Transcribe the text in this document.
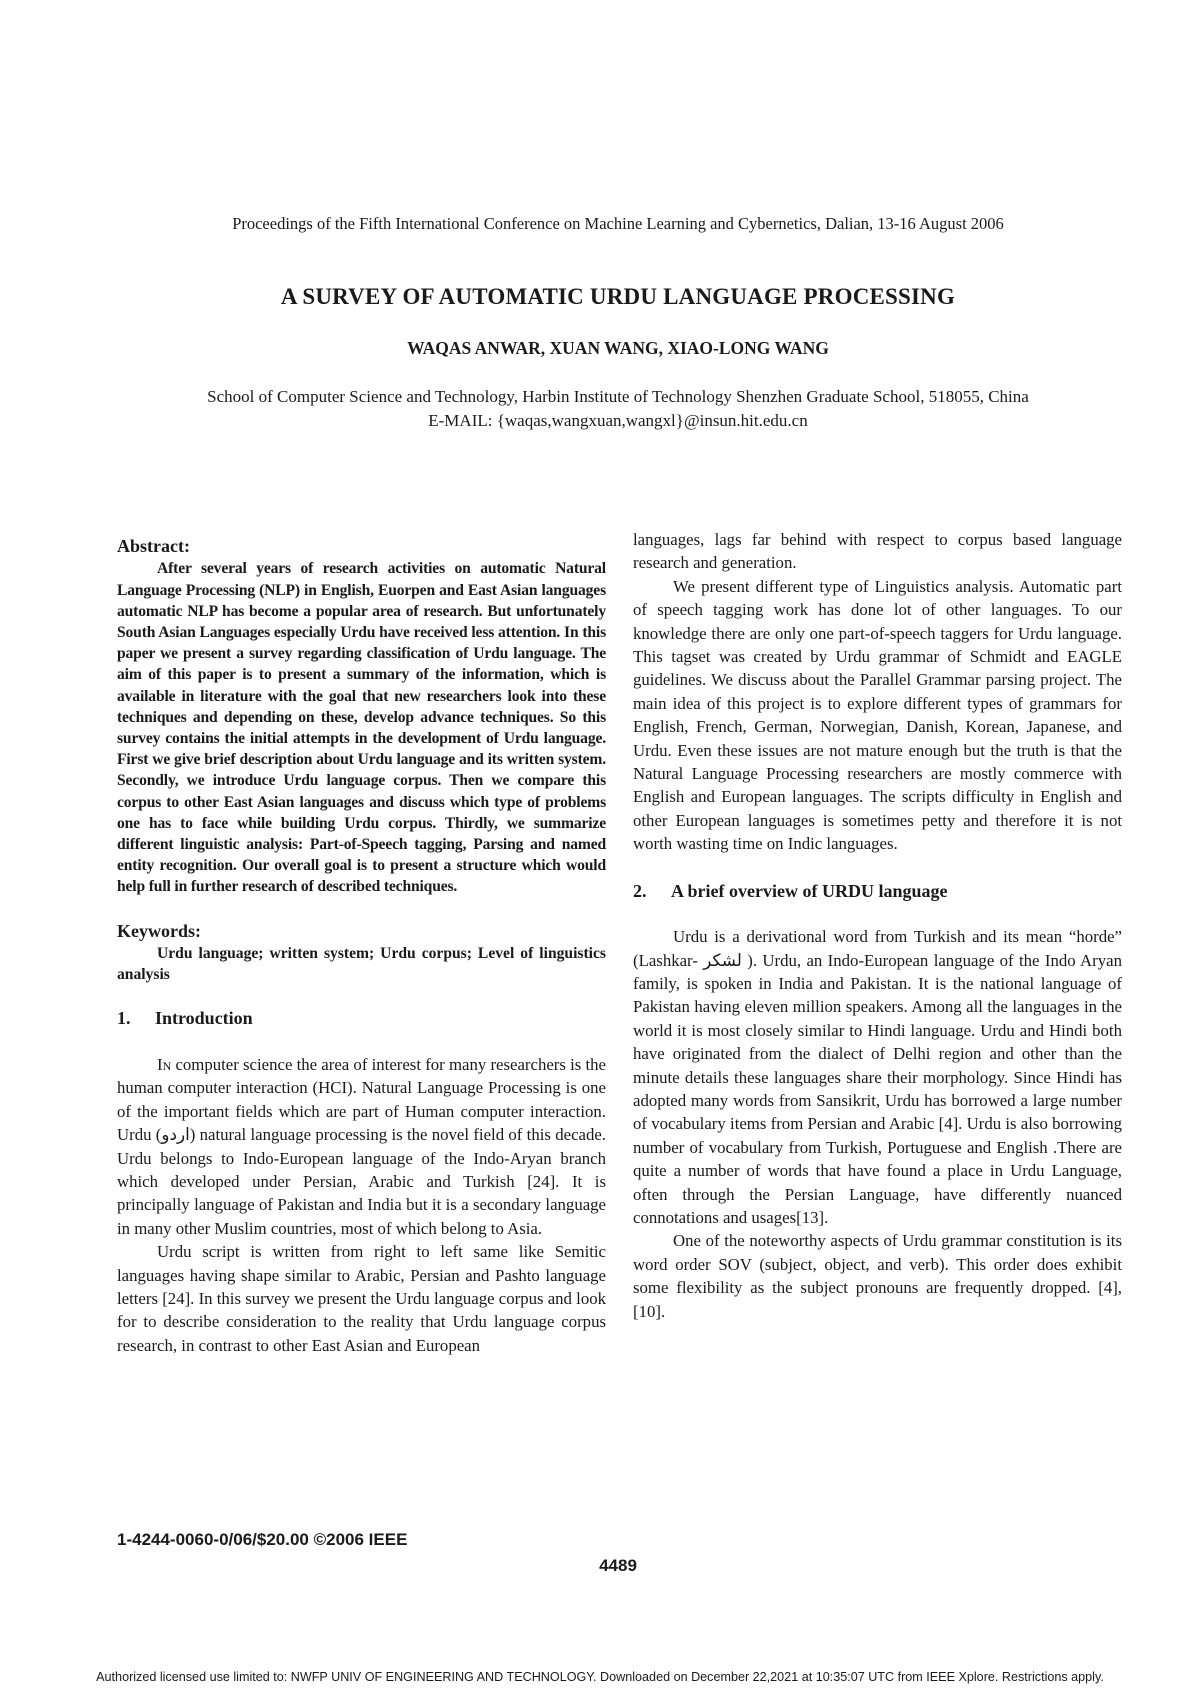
Proceedings of the Fifth International Conference on Machine Learning and Cybernetics, Dalian, 13-16 August 2006
A SURVEY OF AUTOMATIC URDU LANGUAGE PROCESSING
WAQAS ANWAR, XUAN WANG, XIAO-LONG WANG
School of Computer Science and Technology, Harbin Institute of Technology Shenzhen Graduate School, 518055, China
E-MAIL: {waqas,wangxuan,wangxl}@insun.hit.edu.cn
Abstract:

After several years of research activities on automatic Natural Language Processing (NLP) in English, Euorpen and East Asian languages automatic NLP has become a popular area of research. But unfortunately South Asian Languages especially Urdu have received less attention. In this paper we present a survey regarding classification of Urdu language. The aim of this paper is to present a summary of the information, which is available in literature with the goal that new researchers look into these techniques and depending on these, develop advance techniques. So this survey contains the initial attempts in the development of Urdu language. First we give brief description about Urdu language and its written system. Secondly, we introduce Urdu language corpus. Then we compare this corpus to other East Asian languages and discuss which type of problems one has to face while building Urdu corpus. Thirdly, we summarize different linguistic analysis: Part-of-Speech tagging, Parsing and named entity recognition. Our overall goal is to present a structure which would help full in further research of described techniques.

Keywords:

Urdu language; written system; Urdu corpus; Level of linguistics analysis

1. Introduction

In computer science the area of interest for many researchers is the human computer interaction (HCI). Natural Language Processing is one of the important fields which are part of Human computer interaction. Urdu (اردو) natural language processing is the novel field of this decade. Urdu belongs to Indo-European language of the Indo-Aryan branch which developed under Persian, Arabic and Turkish [24]. It is principally language of Pakistan and India but it is a secondary language in many other Muslim countries, most of which belong to Asia.

Urdu script is written from right to left same like Semitic languages having shape similar to Arabic, Persian and Pashto language letters [24]. In this survey we present the Urdu language corpus and look for to describe consideration to the reality that Urdu language corpus research, in contrast to other East Asian and European

languages, lags far behind with respect to corpus based language research and generation.

We present different type of Linguistics analysis. Automatic part of speech tagging work has done lot of other languages. To our knowledge there are only one part-of-speech taggers for Urdu language. This tagset was created by Urdu grammar of Schmidt and EAGLE guidelines. We discuss about the Parallel Grammar parsing project. The main idea of this project is to explore different types of grammars for English, French, German, Norwegian, Danish, Korean, Japanese, and Urdu. Even these issues are not mature enough but the truth is that the Natural Language Processing researchers are mostly commerce with English and European languages. The scripts difficulty in English and other European languages is sometimes petty and therefore it is not worth wasting time on Indic languages.

2. A brief overview of URDU language

Urdu is a derivational word from Turkish and its mean “horde” (Lashkar- لشکر ). Urdu, an Indo-European language of the Indo Aryan family, is spoken in India and Pakistan. It is the national language of Pakistan having eleven million speakers. Among all the languages in the world it is most closely similar to Hindi language. Urdu and Hindi both have originated from the dialect of Delhi region and other than the minute details these languages share their morphology. Since Hindi has adopted many words from Sansikrit, Urdu has borrowed a large number of vocabulary items from Persian and Arabic [4]. Urdu is also borrowing number of vocabulary from Turkish, Portuguese and English .There are quite a number of words that have found a place in Urdu Language, often through the Persian Language, have differently nuanced connotations and usages[13].

One of the noteworthy aspects of Urdu grammar constitution is its word order SOV (subject, object, and verb). This order does exhibit some flexibility as the subject pronouns are frequently dropped. [4], [10].

1-4244-0060-0/06/$20.00 ©2006 IEEE
4489
Authorized licensed use limited to: NWFP UNIV OF ENGINEERING AND TECHNOLOGY. Downloaded on December 22,2021 at 10:35:07 UTC from IEEE Xplore. Restrictions apply.
